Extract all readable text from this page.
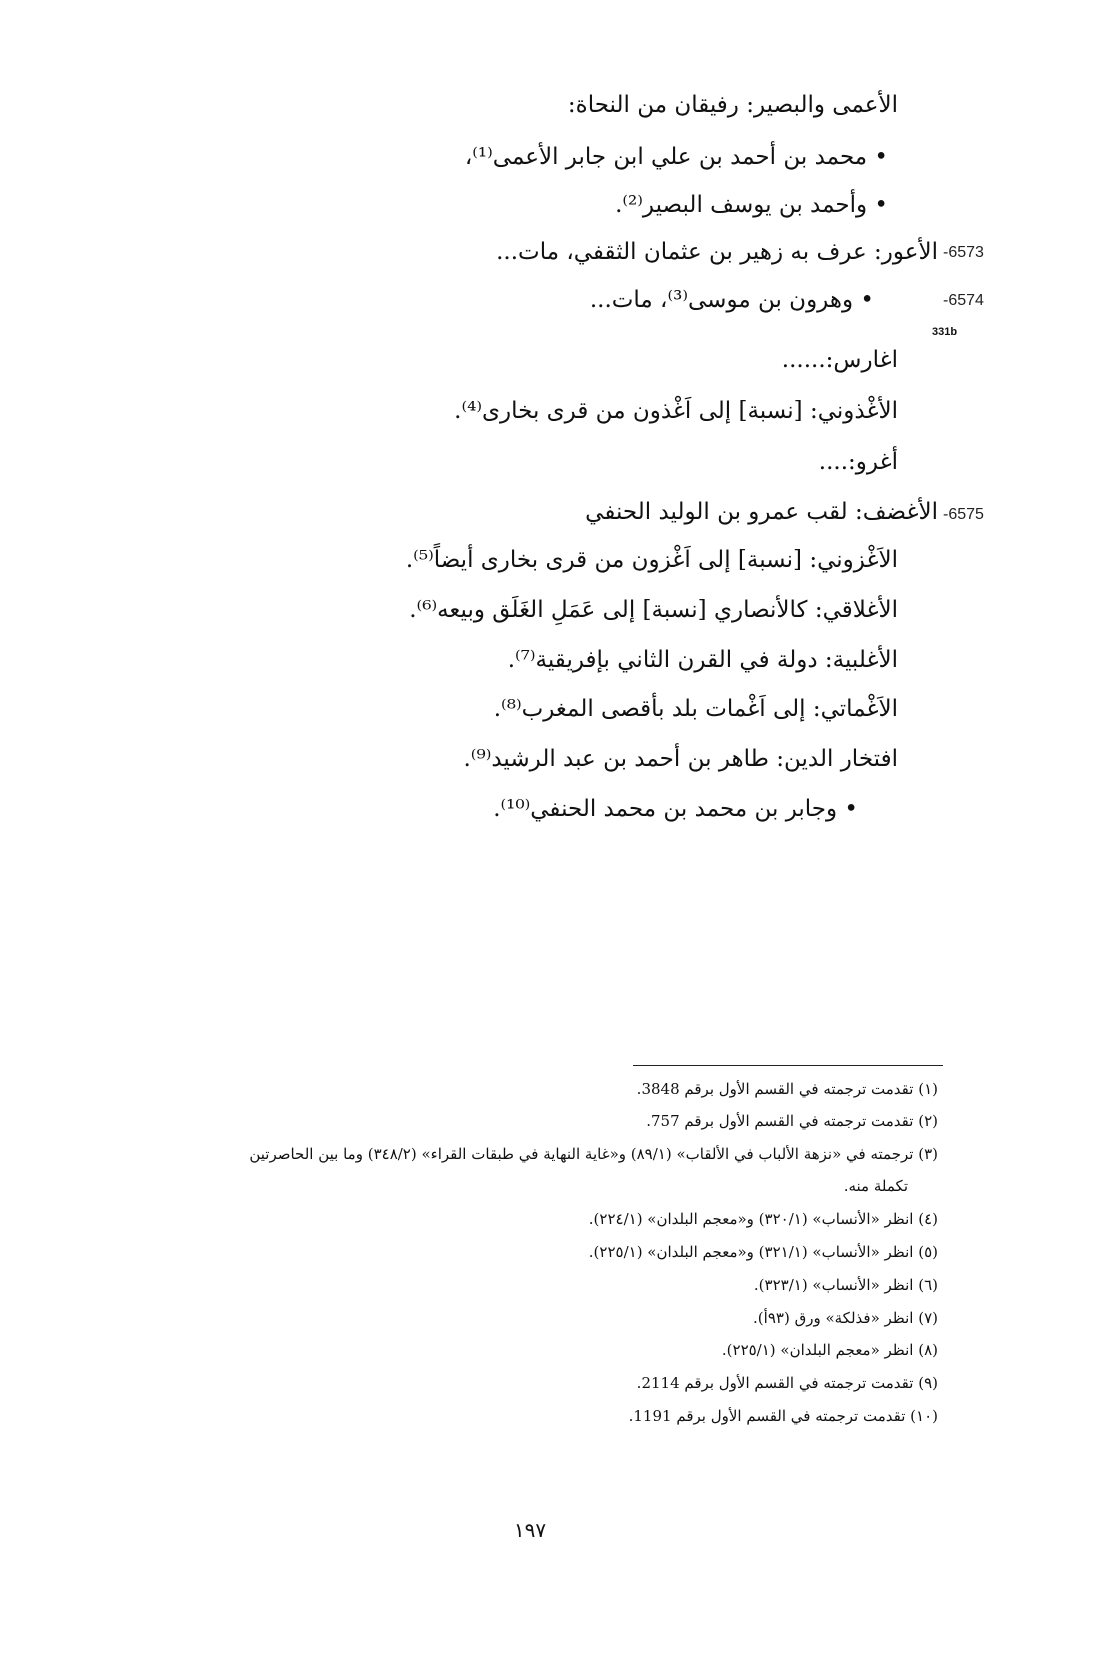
الأعمى والبصير: رفيقان من النحاة:
• محمد بن أحمد بن علي ابن جابر الأعمى⁽¹⁾،
• وأحمد بن يوسف البصير⁽²⁾.
الأعور: عرف به زهير بن عثمان الثقفي، مات...
• وهرون بن موسى⁽³⁾، مات...
اغارس:......
الأغْذوني: [نسبة] إلى اَغْذون من قرى بخارى⁽⁴⁾.
أغرو:....
الأغضف: لقب عمرو بن الوليد الحنفي
الاَغْزوني: [نسبة] إلى اَغْزون من قرى بخارى أيضاً⁽⁵⁾.
الأغلاقي: كالأنصاري [نسبة] إلى عَمَلِ الغَلَق وبيعه⁽⁶⁾.
الأغلبية: دولة في القرن الثاني بإفريقية⁽⁷⁾.
الاَغْماتي: إلى اَغْمات بلد بأقصى المغرب⁽⁸⁾.
افتخار الدين: طاهر بن أحمد بن عبد الرشيد⁽⁹⁾.
• وجابر بن محمد بن محمد الحنفي⁽¹⁰⁾.
-6573
-6574
331b
-6575
(١) تقدمت ترجمته في القسم الأول برقم 3848.
(٢) تقدمت ترجمته في القسم الأول برقم 757.
(٣) ترجمته في «نزهة الألباب في الألقاب» (٨٩/١) و«غاية النهاية في طبقات القراء» (٣٤٨/٢) وما بين الحاصرتين
تكملة منه.
(٤) انظر «الأنساب» (٣٢٠/١) و«معجم البلدان» (٢٢٤/١).
(٥) انظر «الأنساب» (٣٢١/١) و«معجم البلدان» (٢٢٥/١).
(٦) انظر «الأنساب» (٣٢٣/١).
(٧) انظر «فذلكة» ورق (٩٣أ).
(٨) انظر «معجم البلدان» (٢٢٥/١).
(٩) تقدمت ترجمته في القسم الأول برقم 2114.
(١٠) تقدمت ترجمته في القسم الأول برقم 1191.
١٩٧
